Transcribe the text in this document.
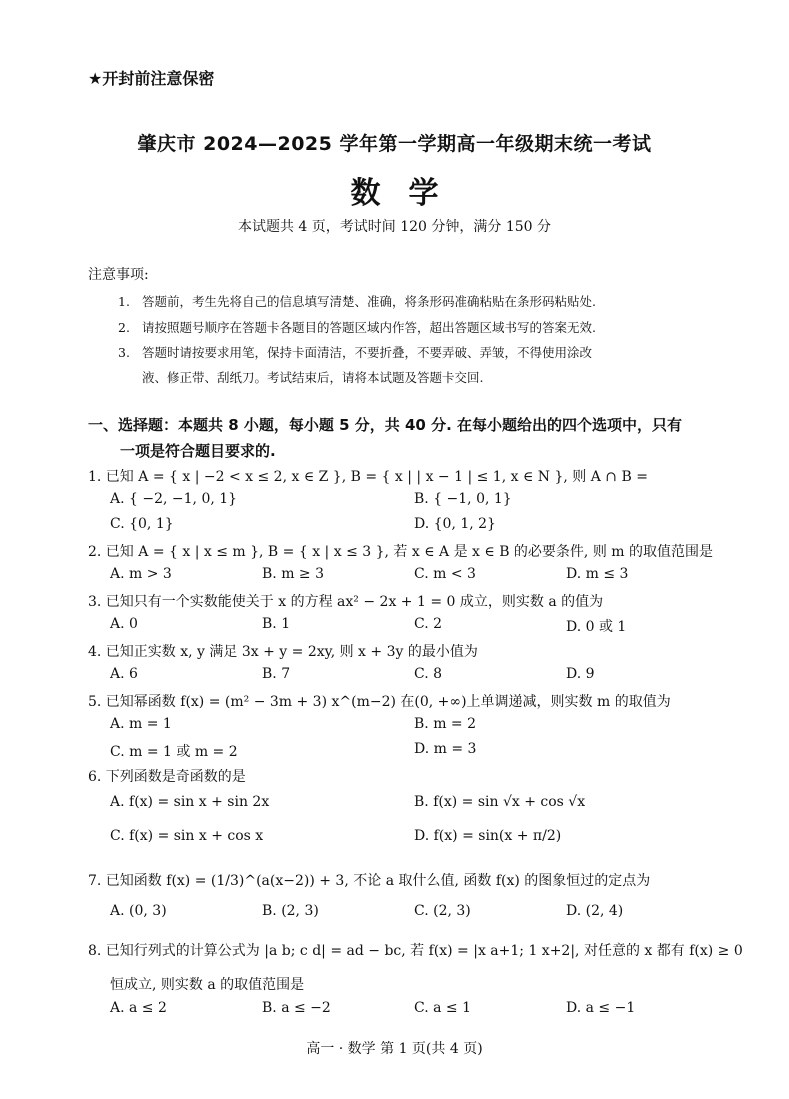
★开封前注意保密
肇庆市 2024—2025 学年第一学期高一年级期末统一考试
数学
本试题共 4 页，考试时间 120 分钟，满分 150 分
注意事项:
1. 答题前，考生先将自己的信息填写清楚、准确，将条形码准确粘贴在条形码粘贴处.
2. 请按照题号顺序在答题卡各题目的答题区域内作答，超出答题区域书写的答案无效.
3. 答题时请按要求用笔，保持卡面清洁，不要折叠，不要弄破、弄皱，不得使用涂改
液、修正带、刮纸刀。考试结束后，请将本试题及答题卡交回.
一、选择题：本题共 8 小题，每小题 5 分，共 40 分. 在每小题给出的四个选项中，只有
一项是符合题目要求的.
1. 已知 A = { x | −2 < x ≤ 2, x ∈ Z }, B = { x | | x − 1 | ≤ 1, x ∈ N }, 则 A ∩ B =
A. { −2, −1, 0, 1}	B. { −1, 0, 1}
C. {0, 1}	D. {0, 1, 2}
2. 已知 A = { x | x ≤ m }, B = { x | x ≤ 3 }, 若 x ∈ A 是 x ∈ B 的必要条件, 则 m 的取值范围是
A. m > 3	B. m ≥ 3	C. m < 3	D. m ≤ 3
3. 已知只有一个实数能使关于 x 的方程 ax² − 2x + 1 = 0 成立，则实数 a 的值为
A. 0	B. 1	C. 2	D. 0 或 1
4. 已知正实数 x, y 满足 3x + y = 2xy, 则 x + 3y 的最小值为
A. 6	B. 7	C. 8	D. 9
5. 已知幂函数 f(x) = (m² − 3m + 3) x^(m−2) 在(0, +∞)上单调递减，则实数 m 的取值为
A. m = 1	B. m = 2
C. m = 1 或 m = 2	D. m = 3
6. 下列函数是奇函数的是
A. f(x) = sin x + sin 2x	B. f(x) = sin √x + cos √x
C. f(x) = sin x + cos x	D. f(x) = sin(x + π/2)
7. 已知函数 f(x) = (1/3)^(a(x−2)) + 3, 不论 a 取什么值, 函数 f(x) 的图象恒过的定点为
A. (0, 3)	B. (2, 3)	C. (2, 3)	D. (2, 4)
8. 已知行列式的计算公式为 |a b; c d| = ad − bc, 若 f(x) = |x a+1; 1 x+2|, 对任意的 x 都有 f(x) ≥ 0
恒成立, 则实数 a 的取值范围是
A. a ≤ 2	B. a ≤ −2	C. a ≤ 1	D. a ≤ −1
高一 · 数学 第 1 页(共 4 页)
